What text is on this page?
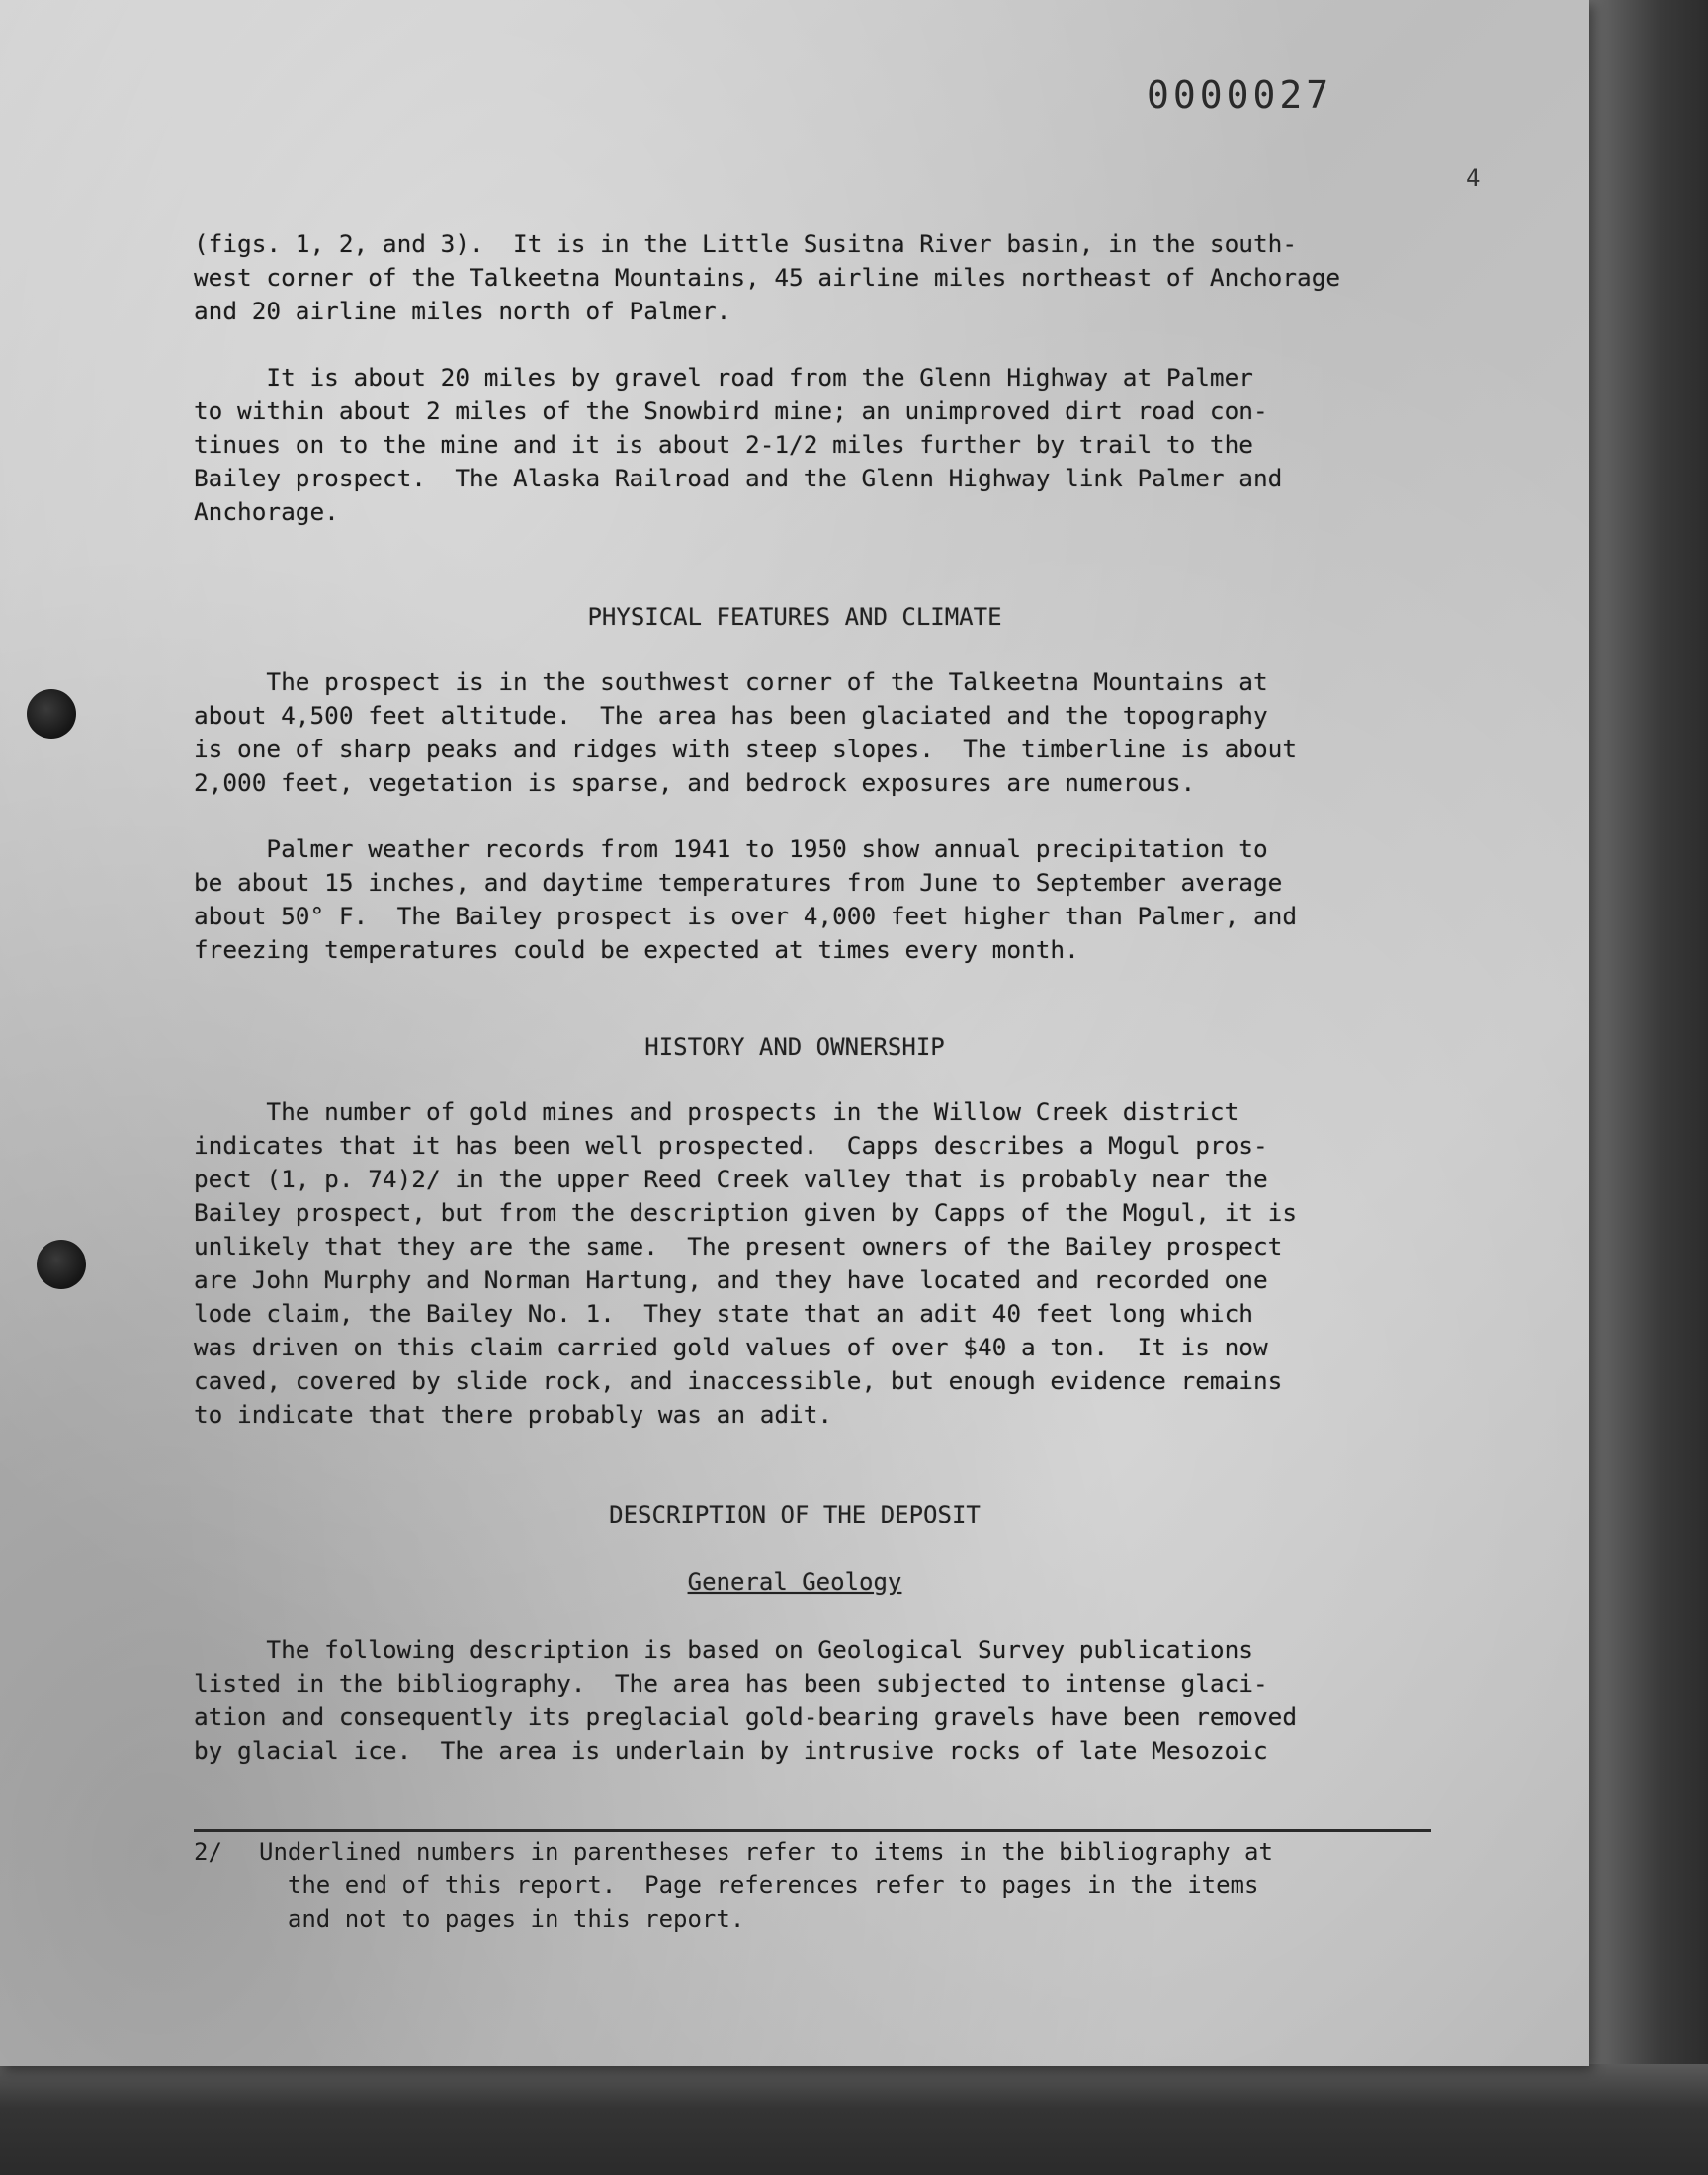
0000027
4
(figs. 1, 2, and 3).  It is in the Little Susitna River basin, in the south-
west corner of the Talkeetna Mountains, 45 airline miles northeast of Anchorage
and 20 airline miles north of Palmer.
It is about 20 miles by gravel road from the Glenn Highway at Palmer
to within about 2 miles of the Snowbird mine; an unimproved dirt road con-
tinues on to the mine and it is about 2-1/2 miles further by trail to the
Bailey prospect.  The Alaska Railroad and the Glenn Highway link Palmer and
Anchorage.
PHYSICAL FEATURES AND CLIMATE
The prospect is in the southwest corner of the Talkeetna Mountains at
about 4,500 feet altitude.  The area has been glaciated and the topography
is one of sharp peaks and ridges with steep slopes.  The timberline is about
2,000 feet, vegetation is sparse, and bedrock exposures are numerous.
Palmer weather records from 1941 to 1950 show annual precipitation to
be about 15 inches, and daytime temperatures from June to September average
about 50° F.  The Bailey prospect is over 4,000 feet higher than Palmer, and
freezing temperatures could be expected at times every month.
HISTORY AND OWNERSHIP
The number of gold mines and prospects in the Willow Creek district
indicates that it has been well prospected.  Capps describes a Mogul pros-
pect (1, p. 74)2/ in the upper Reed Creek valley that is probably near the
Bailey prospect, but from the description given by Capps of the Mogul, it is
unlikely that they are the same.  The present owners of the Bailey prospect
are John Murphy and Norman Hartung, and they have located and recorded one
lode claim, the Bailey No. 1.  They state that an adit 40 feet long which
was driven on this claim carried gold values of over $40 a ton.  It is now
caved, covered by slide rock, and inaccessible, but enough evidence remains
to indicate that there probably was an adit.
DESCRIPTION OF THE DEPOSIT
General Geology
The following description is based on Geological Survey publications
listed in the bibliography.  The area has been subjected to intense glaci-
ation and consequently its preglacial gold-bearing gravels have been removed
by glacial ice.  The area is underlain by intrusive rocks of late Mesozoic
2/ Underlined numbers in parentheses refer to items in the bibliography at
the end of this report.  Page references refer to pages in the items
and not to pages in this report.
